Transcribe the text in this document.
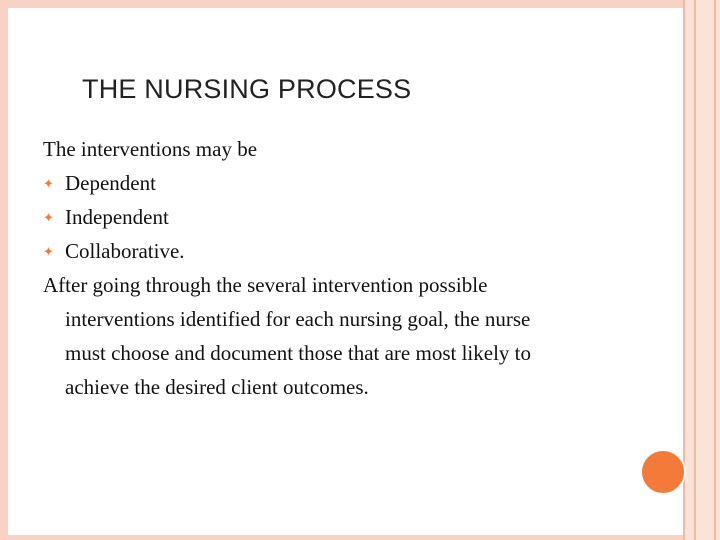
THE NURSING PROCESS
The interventions may be
✦ Dependent
✦ Independent
✦ Collaborative.
After going through the several intervention possible
interventions identified for each nursing goal, the nurse
must choose and document those that are most likely to
achieve the desired client outcomes.
